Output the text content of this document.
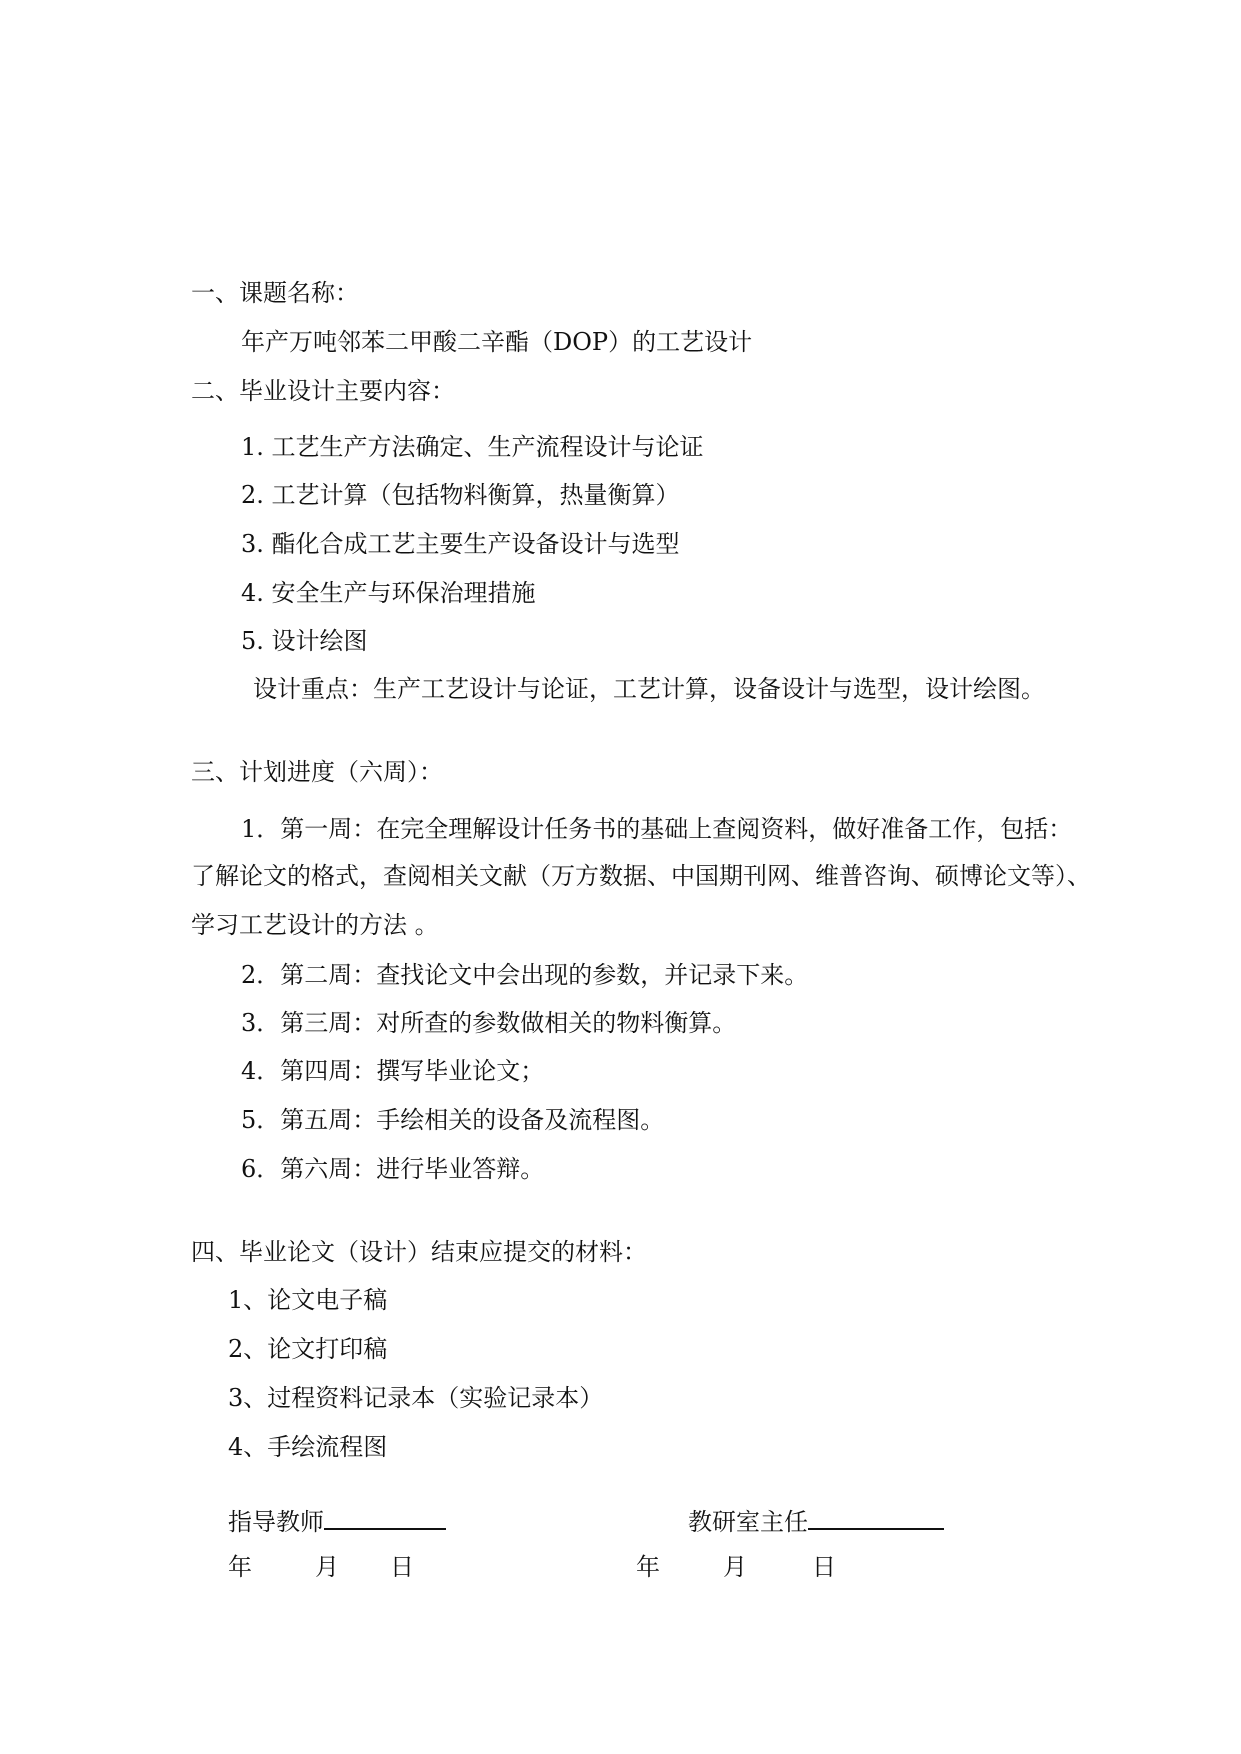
一、课题名称：
年产万吨邻苯二甲酸二辛酯（DOP）的工艺设计
二、毕业设计主要内容：
1. 工艺生产方法确定、生产流程设计与论证
2. 工艺计算（包括物料衡算，热量衡算）
3. 酯化合成工艺主要生产设备设计与选型
4. 安全生产与环保治理措施
5. 设计绘图
设计重点：生产工艺设计与论证，工艺计算，设备设计与选型，设计绘图。
三、计划进度（六周）：
1．第一周：在完全理解设计任务书的基础上查阅资料，做好准备工作，包括：
了解论文的格式，查阅相关文献（万方数据、中国期刊网、维普咨询、硕博论文等）、
学习工艺设计的方法 。
2．第二周：查找论文中会出现的参数，并记录下来。
3．第三周：对所查的参数做相关的物料衡算。
4．第四周：撰写毕业论文；
5．第五周：手绘相关的设备及流程图。
6．第六周：进行毕业答辩。
四、毕业论文（设计）结束应提交的材料：
1、论文电子稿
2、论文打印稿
3、过程资料记录本（实验记录本）
4、手绘流程图
指导教师	教研室主任
年	月 日	年	月	日
